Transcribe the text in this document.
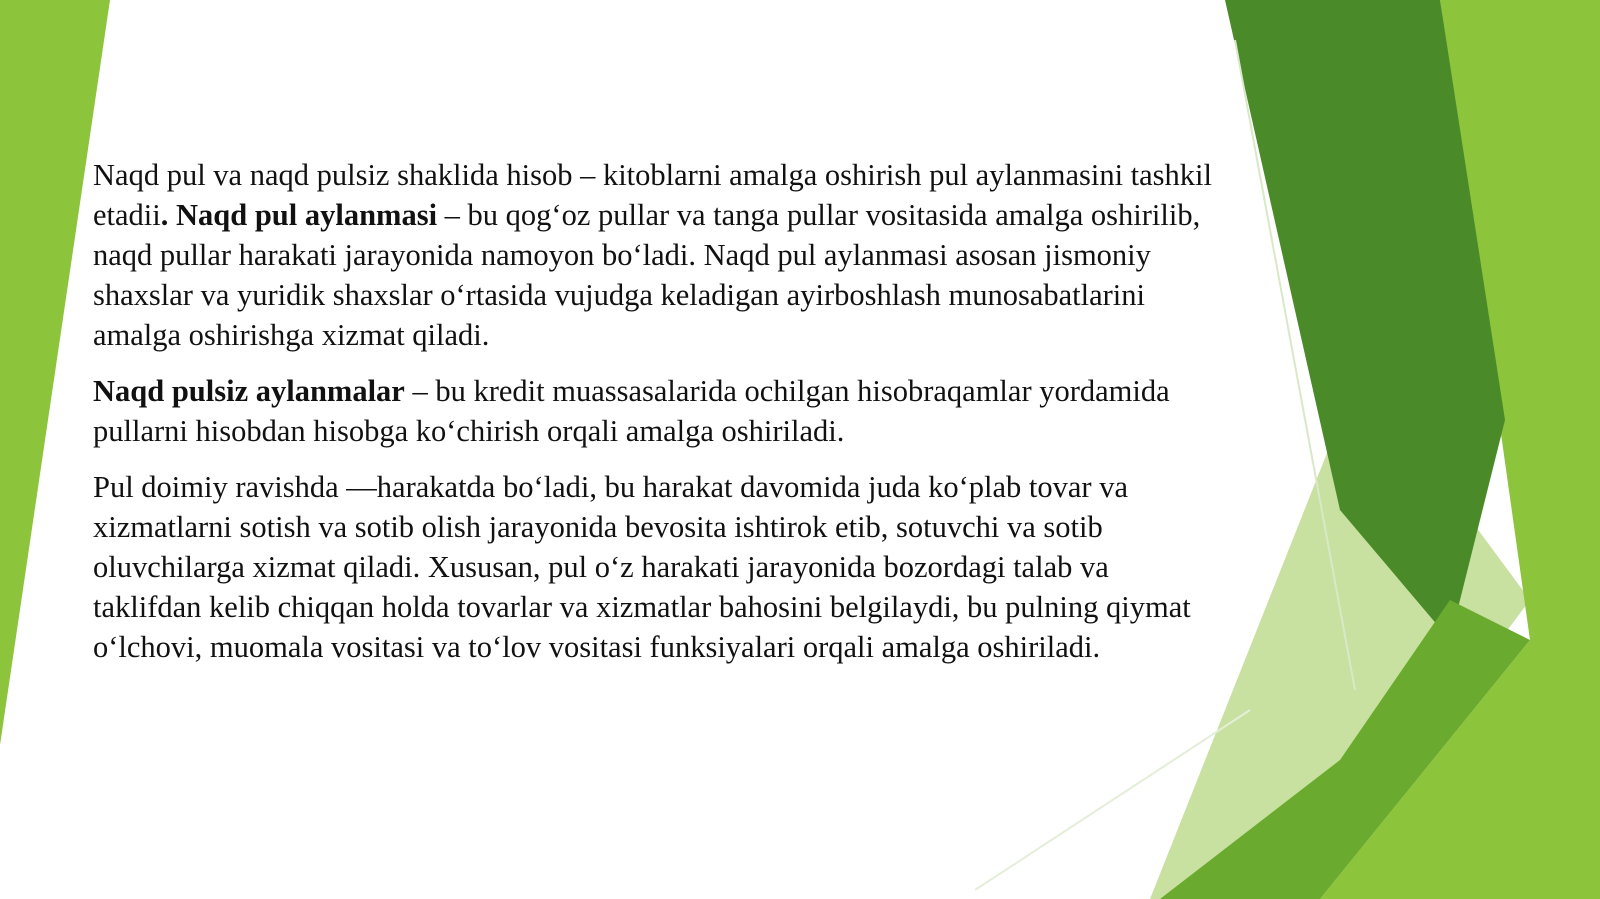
Naqd pul va naqd pulsiz shaklida hisob – kitoblarni amalga oshirish pul aylanmasini tashkil etadii. Naqd pul aylanmasi – bu qog‘oz pullar va tanga pullar vositasida amalga oshirilib, naqd pullar harakati jarayonida namoyon bo‘ladi. Naqd pul aylanmasi asosan jismoniy shaxslar va yuridik shaxslar o‘rtasida vujudga keladigan ayirboshlash munosabatlarini amalga oshirishga xizmat qiladi.

Naqd pulsiz aylanmalar – bu kredit muassasalarida ochilgan hisobraqamlar yordamida pullarni hisobdan hisobga ko‘chirish orqali amalga oshiriladi.

Pul doimiy ravishda —harakatda bo‘ladi, bu harakat davomida juda ko‘plab tovar va xizmatlarni sotish va sotib olish jarayonida bevosita ishtirok etib, sotuvchi va sotib oluvchilarga xizmat qiladi. Xususan, pul o‘z harakati jarayonida bozordagi talab va taklifdan kelib chiqqan holda tovarlar va xizmatlar bahosini belgilaydi, bu pulning qiymat o‘lchovi, muomala vositasi va to‘lov vositasi funksiyalari orqali amalga oshiriladi.
